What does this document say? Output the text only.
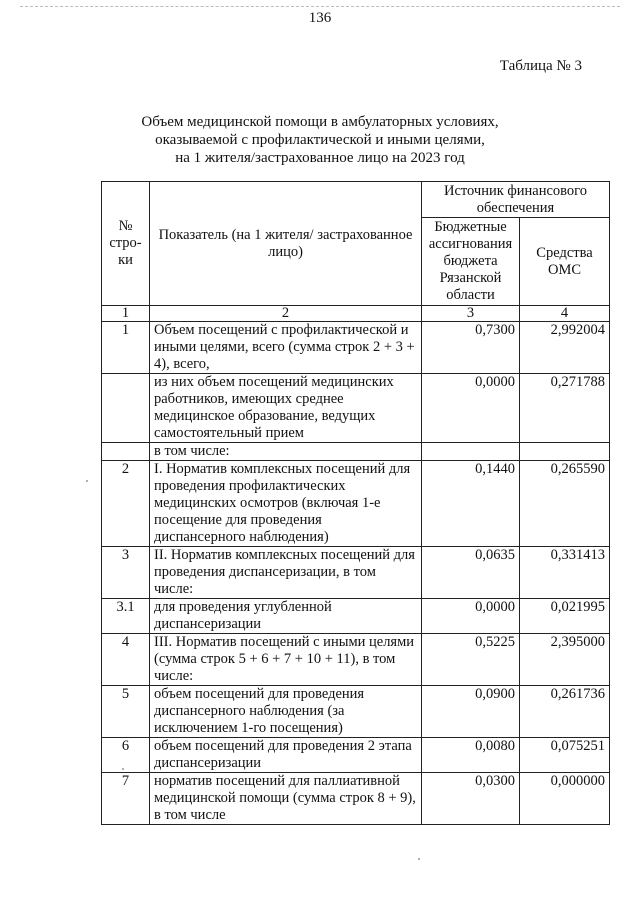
136
Таблица № 3
Объем медицинской помощи в амбулаторных условиях,
оказываемой с профилактической и иными целями,
на 1 жителя/застрахованное лицо на 2023 год
№ стро-ки	Показатель (на 1 жителя/ застрахованное лицо)	Источник финансового обеспечения	
		Бюджетные ассигнования бюджета Рязанской области	Средства ОМС
1	2	3	4
1	Объем посещений с профилактической и иными целями, всего (сумма строк 2 + 3 + 4), всего,	0,7300	2,992004
	из них объем посещений медицинских работников, имеющих среднее медицинское образование, ведущих самостоятельный прием	0,0000	0,271788
	в том числе:		
2	I. Норматив комплексных посещений для проведения профилактических медицинских осмотров (включая 1-е посещение для проведения диспансерного наблюдения)	0,1440	0,265590
3	II. Норматив комплексных посещений для проведения диспансеризации, в том числе:	0,0635	0,331413
3.1	для проведения углубленной диспансеризации	0,0000	0,021995
4	III. Норматив посещений с иными целями (сумма строк 5 + 6 + 7 + 10 + 11), в том числе:	0,5225	2,395000
5	объем посещений для проведения диспансерного наблюдения (за исключением 1-го посещения)	0,0900	0,261736
6	объем посещений для проведения 2 этапа диспансеризации	0,0080	0,075251
7	норматив посещений для паллиативной медицинской помощи (сумма строк 8 + 9), в том числе	0,0300	0,000000
